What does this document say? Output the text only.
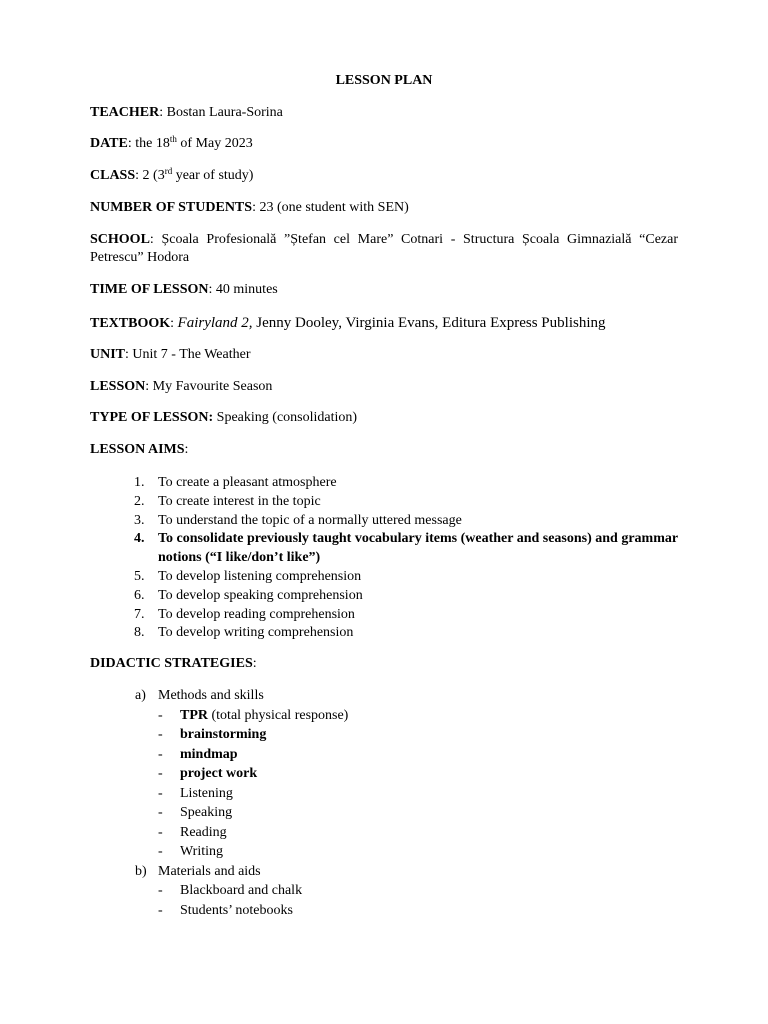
LESSON PLAN
TEACHER: Bostan Laura-Sorina
DATE: the 18th of May 2023
CLASS: 2 (3rd year of study)
NUMBER OF STUDENTS: 23 (one student with SEN)
SCHOOL: Școala Profesională ”Ștefan cel Mare” Cotnari - Structura Școala Gimnazială “Cezar Petrescu” Hodora
TIME OF LESSON: 40 minutes
TEXTBOOK: Fairyland 2, Jenny Dooley, Virginia Evans, Editura Express Publishing
UNIT: Unit 7 - The Weather
LESSON: My Favourite Season
TYPE OF LESSON: Speaking (consolidation)
LESSON AIMS:
1. To create a pleasant atmosphere
2. To create interest in the topic
3. To understand the topic of a normally uttered message
4. To consolidate previously taught vocabulary items (weather and seasons) and grammar notions (“I like/don’t like”)
5. To develop listening comprehension
6. To develop speaking comprehension
7. To develop reading comprehension
8. To develop writing comprehension
DIDACTIC STRATEGIES:
a) Methods and skills
- TPR (total physical response)
- brainstorming
- mindmap
- project work
- Listening
- Speaking
- Reading
- Writing
b) Materials and aids
- Blackboard and chalk
- Students’ notebooks
